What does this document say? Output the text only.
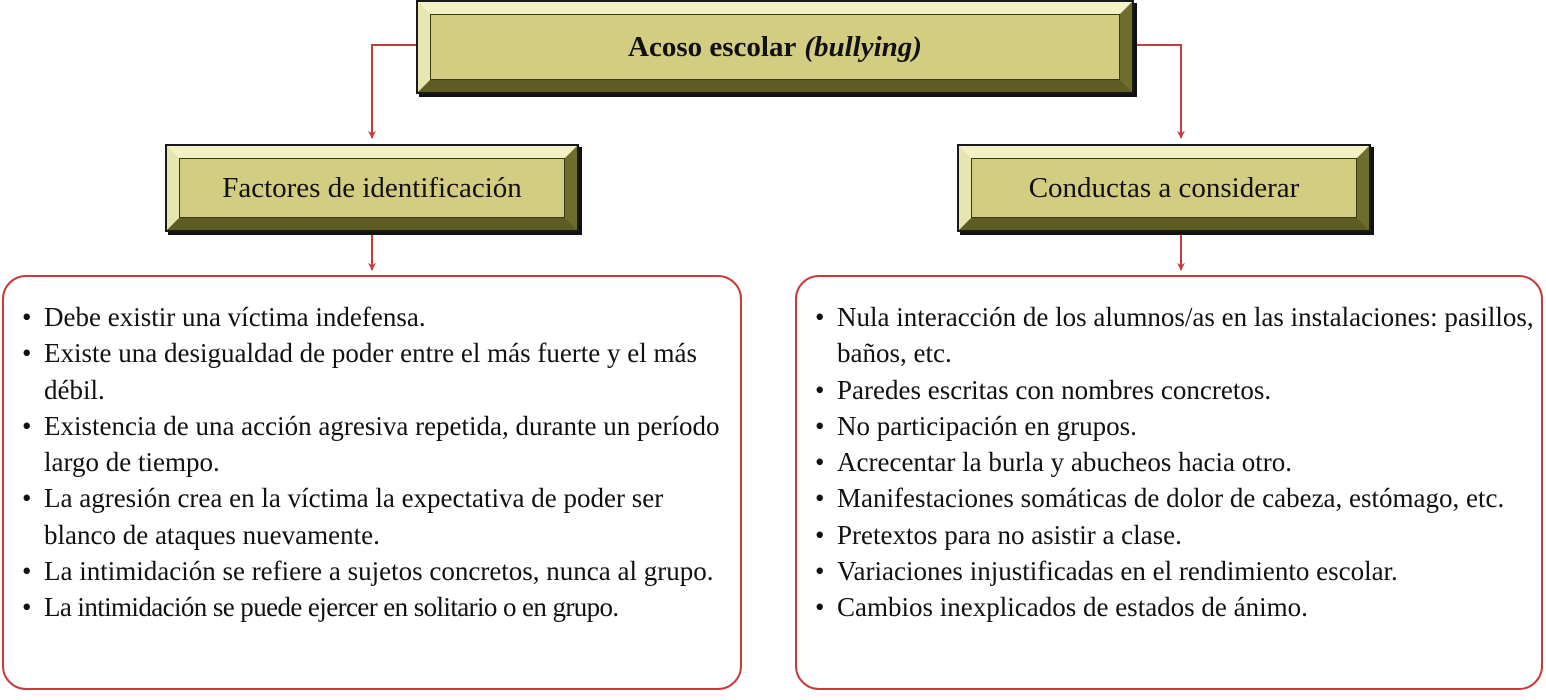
Acoso escolar (bullying)
Factores de identificación	Conductas a considerar
• Debe existir una víctima indefensa.
• Existe una desigualdad de poder entre el más fuerte y el más débil.
• Existencia de una acción agresiva repetida, durante un período largo de tiempo.
• La agresión crea en la víctima la expectativa de poder ser blanco de ataques nuevamente.
• La intimidación se refiere a sujetos concretos, nunca al grupo.
• La intimidación se puede ejercer en solitario o en grupo.
• Nula interacción de los alumnos/as en las instalaciones: pasillos, baños, etc.
• Paredes escritas con nombres concretos.
• No participación en grupos.
• Acrecentar la burla y abucheos hacia otro.
• Manifestaciones somáticas de dolor de cabeza, estómago, etc.
• Pretextos para no asistir a clase.
• Variaciones injustificadas en el rendimiento escolar.
• Cambios inexplicados de estados de ánimo.
